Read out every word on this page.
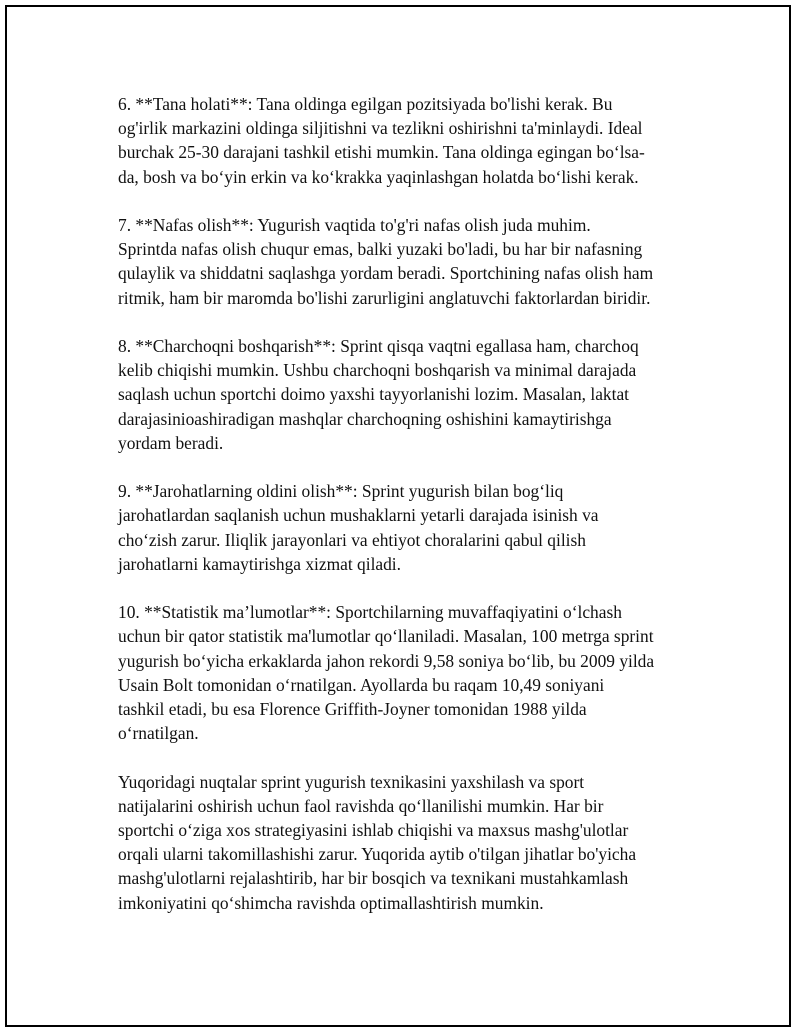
6. **Tana holati**: Tana oldinga egilgan pozitsiyada bo'lishi kerak. Bu
og'irlik markazini oldinga siljitishni va tezlikni oshirishni ta'minlaydi. Ideal
burchak 25-30 darajani tashkil etishi mumkin. Tana oldinga egingan bo‘lsa-
da, bosh va bo‘yin erkin va ko‘krakka yaqinlashgan holatda bo‘lishi kerak.

7. **Nafas olish**: Yugurish vaqtida to'g'ri nafas olish juda muhim.
Sprintda nafas olish chuqur emas, balki yuzaki bo'ladi, bu har bir nafasning
qulaylik va shiddatni saqlashga yordam beradi. Sportchining nafas olish ham
ritmik, ham bir maromda bo'lishi zarurligini anglatuvchi faktorlardan biridir.

8. **Charchoqni boshqarish**: Sprint qisqa vaqtni egallasa ham, charchoq
kelib chiqishi mumkin. Ushbu charchoqni boshqarish va minimal darajada
saqlash uchun sportchi doimo yaxshi tayyorlanishi lozim. Masalan, laktat
darajasinioashiradigan mashqlar charchoqning oshishini kamaytirishga
yordam beradi.

9. **Jarohatlarning oldini olish**: Sprint yugurish bilan bog‘liq
jarohatlardan saqlanish uchun mushaklarni yetarli darajada isinish va
cho‘zish zarur. Iliqlik jarayonlari va ehtiyot choralarini qabul qilish
jarohatlarni kamaytirishga xizmat qiladi.

10. **Statistik ma’lumotlar**: Sportchilarning muvaffaqiyatini o‘lchash
uchun bir qator statistik ma'lumotlar qo‘llaniladi. Masalan, 100 metrga sprint
yugurish bo‘yicha erkaklarda jahon rekordi 9,58 soniya bo‘lib, bu 2009 yilda
Usain Bolt tomonidan o‘rnatilgan. Ayollarda bu raqam 10,49 soniyani
tashkil etadi, bu esa Florence Griffith-Joyner tomonidan 1988 yilda
o‘rnatilgan.

Yuqoridagi nuqtalar sprint yugurish texnikasini yaxshilash va sport
natijalarini oshirish uchun faol ravishda qo‘llanilishi mumkin. Har bir
sportchi o‘ziga xos strategiyasini ishlab chiqishi va maxsus mashg'ulotlar
orqali ularni takomillashishi zarur. Yuqorida aytib o'tilgan jihatlar bo'yicha
mashg'ulotlarni rejalashtirib, har bir bosqich va texnikani mustahkamlash
imkoniyatini qo‘shimcha ravishda optimallashtirish mumkin.
